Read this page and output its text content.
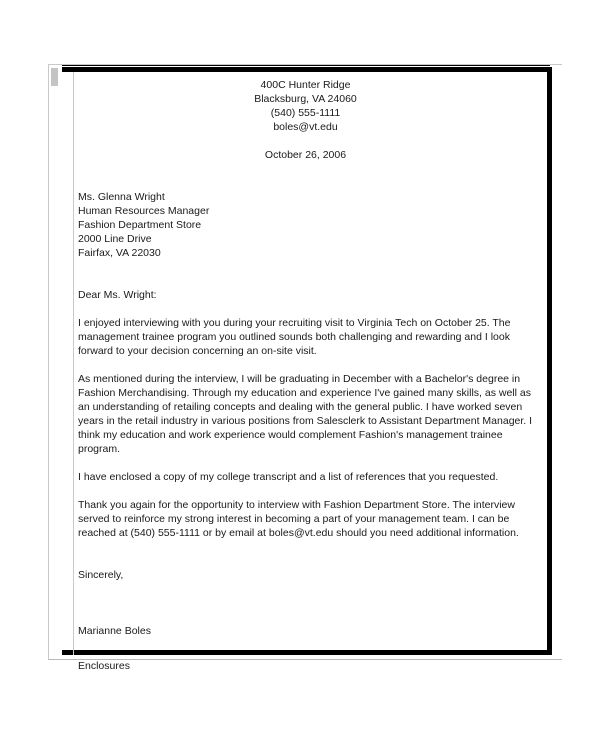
400C Hunter Ridge
Blacksburg, VA 24060
(540) 555-1111
boles@vt.edu
October 26, 2006
Ms. Glenna Wright
Human Resources Manager
Fashion Department Store
2000 Line Drive
Fairfax, VA 22030
Dear Ms. Wright:
I enjoyed interviewing with you during your recruiting visit to Virginia Tech on October 25. The management trainee program you outlined sounds both challenging and rewarding and I look forward to your decision concerning an on-site visit.
As mentioned during the interview, I will be graduating in December with a Bachelor's degree in Fashion Merchandising. Through my education and experience I've gained many skills, as well as an understanding of retailing concepts and dealing with the general public. I have worked seven years in the retail industry in various positions from Salesclerk to Assistant Department Manager. I think my education and work experience would complement Fashion's management trainee program.
I have enclosed a copy of my college transcript and a list of references that you requested.
Thank you again for the opportunity to interview with Fashion Department Store. The interview served to reinforce my strong interest in becoming a part of your management team. I can be reached at (540) 555-1111 or by email at boles@vt.edu should you need additional information.
Sincerely,
Marianne Boles
Enclosures
